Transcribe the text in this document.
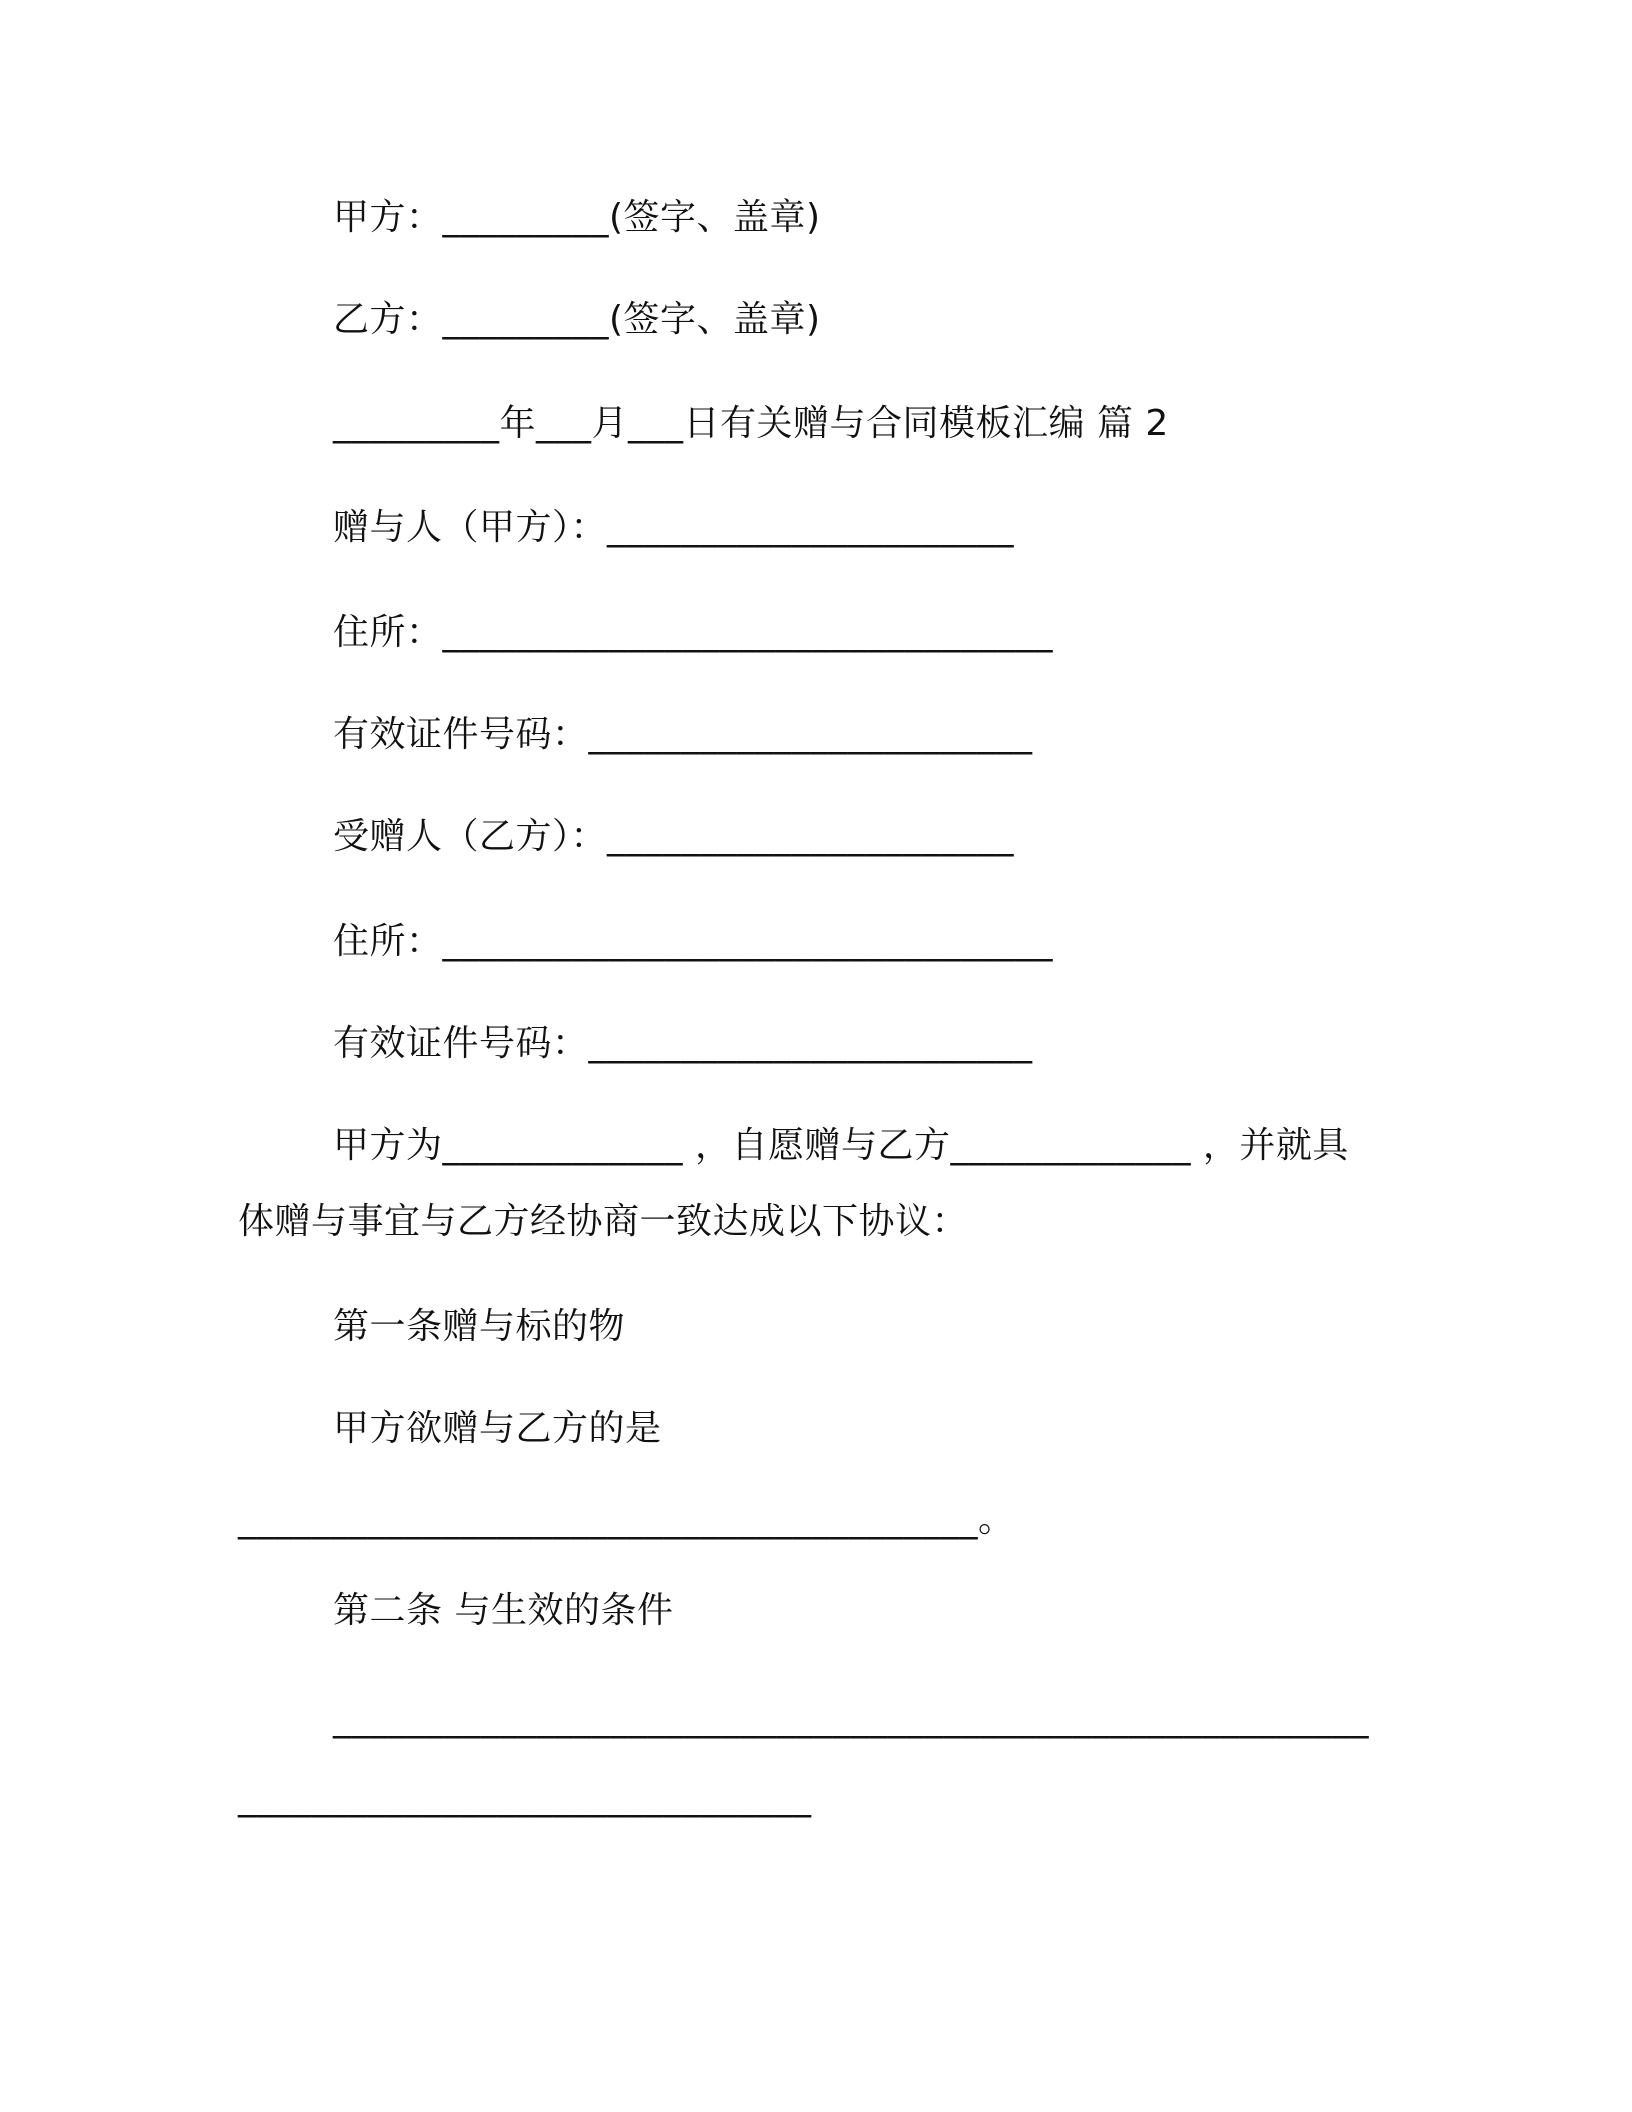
甲方：_________(签字、盖章)
乙方：_________(签字、盖章)
_________年___月___日有关赠与合同模板汇编 篇 2
赠与人（甲方）：______________________
住所：_________________________________
有效证件号码：________________________
受赠人（乙方）：______________________
住所：_________________________________
有效证件号码：________________________
甲方为_____________ ，自愿赠与乙方_____________ ，并就具
体赠与事宜与乙方经协商一致达成以下协议：
第一条赠与标的物
甲方欲赠与乙方的是
________________________________________。
第二条 与生效的条件
________________________________________________________
_______________________________
